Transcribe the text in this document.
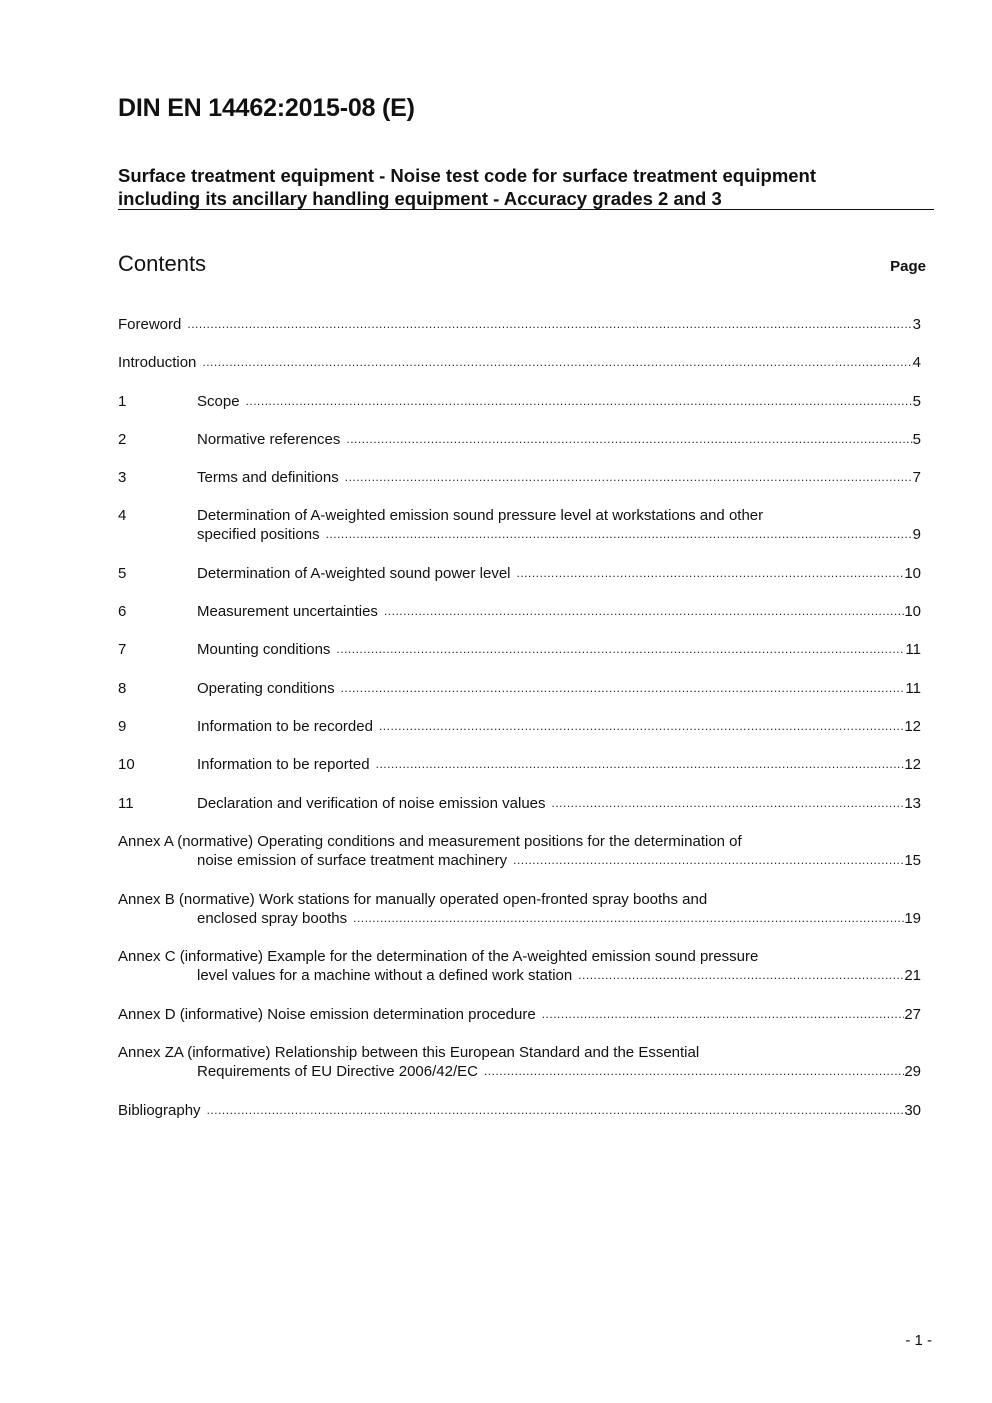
DIN EN 14462:2015-08 (E)
Surface treatment equipment - Noise test code for surface treatment equipment
including its ancillary handling equipment - Accuracy grades 2 and 3
Contents	Page
Foreword .....	3
Introduction .....	4
1	Scope .....	5
2	Normative references .....	5
3	Terms and definitions .....	7
4	Determination of A-weighted emission sound pressure level at workstations and other
specified positions .....	9
5	Determination of A-weighted sound power level .....	10
6	Measurement uncertainties .....	10
7	Mounting conditions .....	11
8	Operating conditions .....	11
9	Information to be recorded .....	12
10	Information to be reported .....	12
11	Declaration and verification of noise emission values .....	13
Annex A (normative) Operating conditions and measurement positions for the determination of
noise emission of surface treatment machinery .....	15
Annex B (normative) Work stations for manually operated open-fronted spray booths and
enclosed spray booths .....	19
Annex C (informative) Example for the determination of the A-weighted emission sound pressure
level values for a machine without a defined work station .....	21
Annex D (informative) Noise emission determination procedure .....	27
Annex ZA (informative) Relationship between this European Standard and the Essential
Requirements of EU Directive 2006/42/EC .....	29
Bibliography .....	30
- 1 -
